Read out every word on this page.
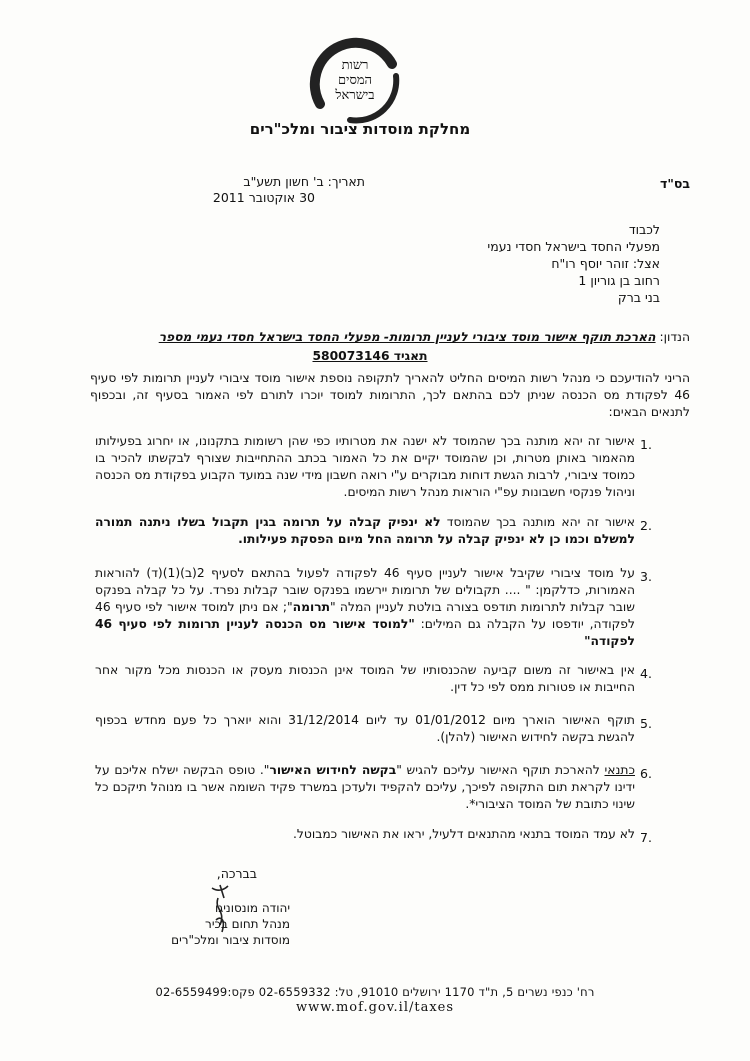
רשות
המסים
בישראל
מחלקת מוסדות ציבור ומלכ"רים
בס"ד
תאריך: ב' חשון תשע"ב
30 אוקטובר 2011
לכבוד
מפעלי החסד בישראל חסדי נעמי
אצל: זוהר יוסף רו"ח
רחוב בן גוריון 1
בני ברק
הנדון: הארכת תוקף אישור מוסד ציבורי לעניין תרומות- מפעלי החסד בישראל חסדי נעמי מספר
תאגיד 580073146
הריני להודיעכם כי מנהל רשות המיסים החליט להאריך לתקופה נוספת אישור מוסד ציבורי לעניין תרומות לפי סעיף 46 לפקודת מס הכנסה שניתן לכם בהתאם לכך, התרומות למוסד יוכרו לתורם לפי האמור בסעיף זה, ובכפוף לתנאים הבאים:
1.
אישור זה יהא מותנה בכך שהמוסד לא ישנה את מטרותיו כפי שהן רשומות בתקנונו, או יחרוג בפעילותו מהאמור באותן מטרות, וכן שהמוסד יקיים את כל האמור בכתב ההתחייבות שצורף לבקשתו להכיר בו כמוסד ציבורי, לרבות הגשת דוחות מבוקרים ע"י רואה חשבון מידי שנה במועד הקבוע בפקודת מס הכנסה וניהול פנקסי חשבונות עפ"י הוראות מנהל רשות המיסים.
2.
אישור זה יהא מותנה בכך שהמוסד לא ינפיק קבלה על תרומה בגין תקבול בשלו ניתנה תמורה למשלם וכמו כן לא ינפיק קבלה על תרומה החל מיום הפסקת פעילותו.
3.
על מוסד ציבורי שקיבל אישור לעניין סעיף 46 לפקודה לפעול בהתאם לסעיף 2(ב)(1)(ד) להוראות האמורות, כדלקמן: " .... תקבולים של תרומות יירשמו בפנקס שובר קבלות נפרד. על כל קבלה בפנקס שובר קבלות לתרומות תודפס בצורה בולטת לעניין המלה "תרומה"; אם ניתן למוסד אישור לפי סעיף 46 לפקודה, יודפסו על הקבלה גם המילים: "למוסד אישור מס הכנסה לעניין תרומות לפי סעיף 46 לפקודה"
4.
אין באישור זה משום קביעה שהכנסותיו של המוסד אינן הכנסות מעסק או הכנסות מכל מקור אחר החייבות או פטורות ממס לפי כל דין.
5.
תוקף האישור הוארך מיום 01/01/2012 עד ליום 31/12/2014 והוא יוארך כל פעם מחדש בכפוף להגשת בקשה לחידוש האישור (להלן).
6.
כתנאי להארכת תוקף האישור עליכם להגיש "בקשה לחידוש האישור". טופס הבקשה ישלח אליכם על ידינו לקראת תום התקופה לפיכך, עליכם להקפיד ולעדכן במשרד פקיד השומה אשר בו מנוהל תיקכם כל שינוי כתובת של המוסד הציבורי*.
7.
לא עמד המוסד בתנאי מהתנאים דלעיל, יראו את האישור כמבוטל.
בברכה,
יהודה מונסוניגו
מנהל תחום בכיר
מוסדות ציבור ומלכ"רים
רח' כנפי נשרים 5, ת"ד 1170 ירושלים 91010, טל: 02-6559332 פקס:02-6559499
www.mof.gov.il/taxes
